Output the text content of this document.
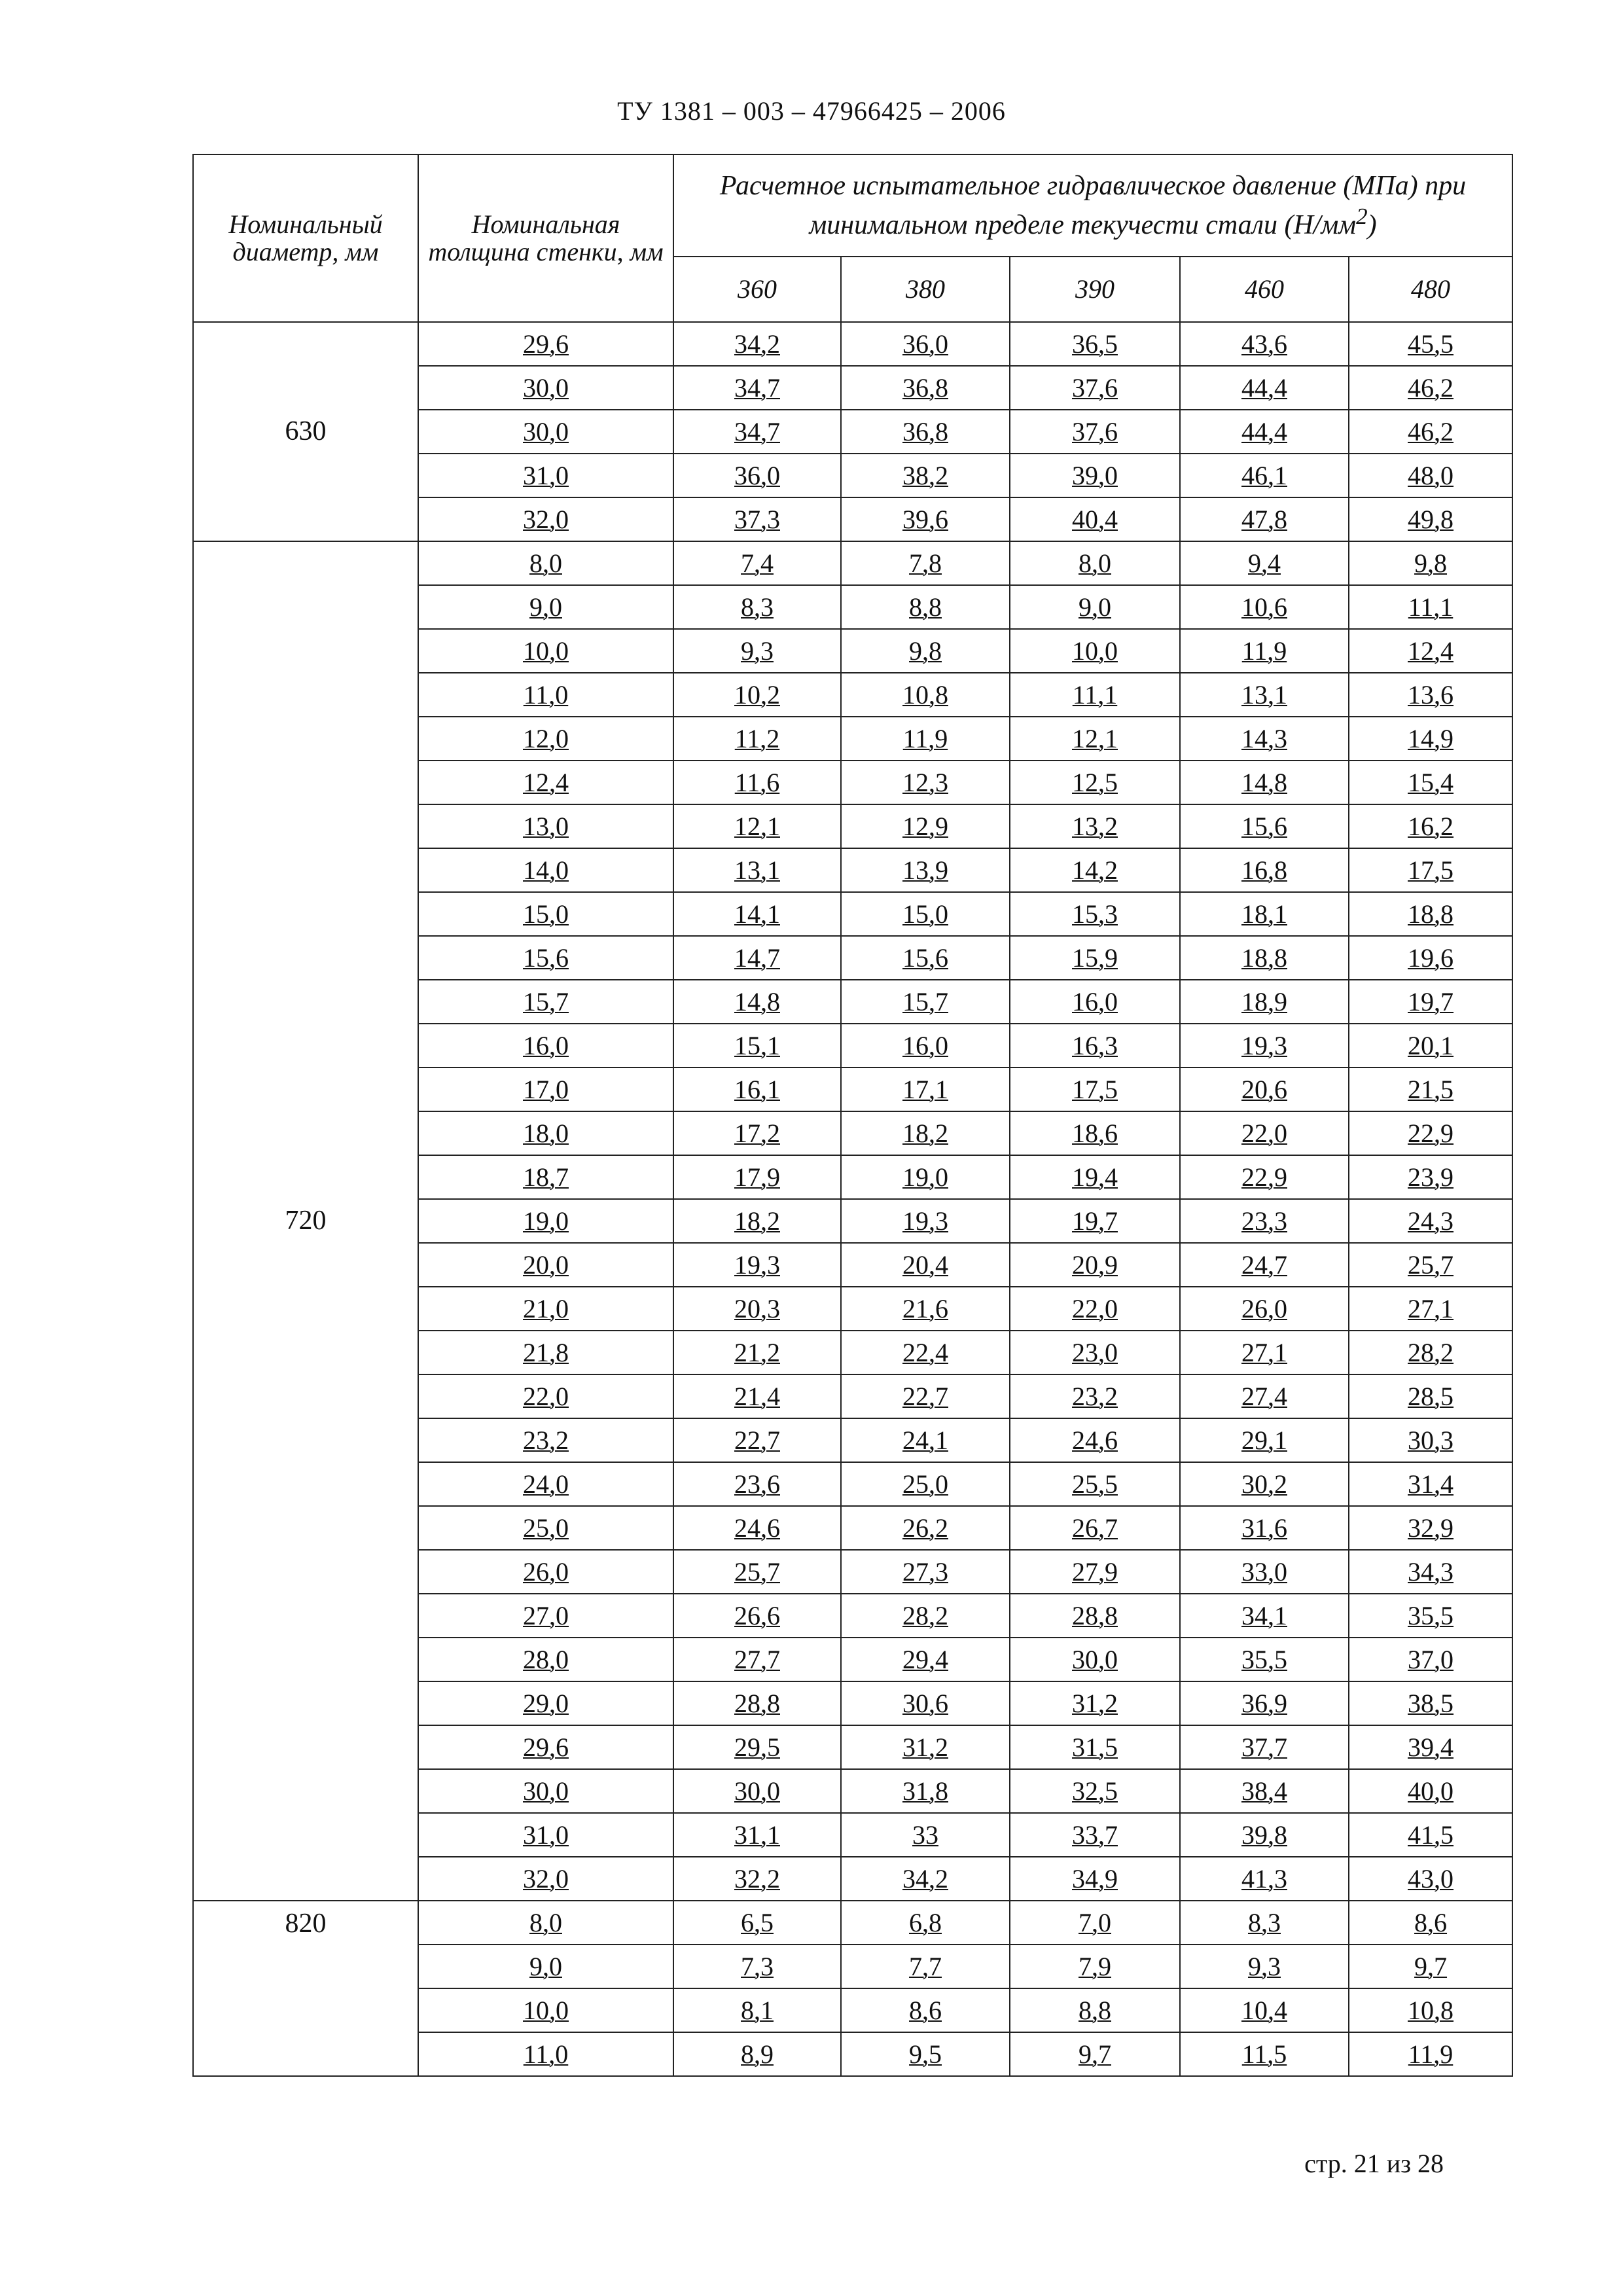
ТУ 1381 – 003 – 47966425 – 2006
Номинальный диаметр, мм	Номинальная толщина стенки, мм	Расчетное испытательное гидравлическое давление (МПа) при минимальном пределе текучести стали $(Н/мм^2)$				
		360	380	390	460	480
630	29,6	34,2	36,0	36,5	43,6	45,5
	30,0	34,7	36,8	37,6	44,4	46,2
	30,0	34,7	36,8	37,6	44,4	46,2
	31,0	36,0	38,2	39,0	46,1	48,0
	32,0	37,3	39,6	40,4	47,8	49,8
720	8,0	7,4	7,8	8,0	9,4	9,8
	9,0	8,3	8,8	9,0	10,6	11,1
	10,0	9,3	9,8	10,0	11,9	12,4
	11,0	10,2	10,8	11,1	13,1	13,6
	12,0	11,2	11,9	12,1	14,3	14,9
	12,4	11,6	12,3	12,5	14,8	15,4
	13,0	12,1	12,9	13,2	15,6	16,2
	14,0	13,1	13,9	14,2	16,8	17,5
	15,0	14,1	15,0	15,3	18,1	18,8
	15,6	14,7	15,6	15,9	18,8	19,6
	15,7	14,8	15,7	16,0	18,9	19,7
	16,0	15,1	16,0	16,3	19,3	20,1
	17,0	16,1	17,1	17,5	20,6	21,5
	18,0	17,2	18,2	18,6	22,0	22,9
	18,7	17,9	19,0	19,4	22,9	23,9
	19,0	18,2	19,3	19,7	23,3	24,3
	20,0	19,3	20,4	20,9	24,7	25,7
	21,0	20,3	21,6	22,0	26,0	27,1
	21,8	21,2	22,4	23,0	27,1	28,2
	22,0	21,4	22,7	23,2	27,4	28,5
	23,2	22,7	24,1	24,6	29,1	30,3
	24,0	23,6	25,0	25,5	30,2	31,4
	25,0	24,6	26,2	26,7	31,6	32,9
	26,0	25,7	27,3	27,9	33,0	34,3
	27,0	26,6	28,2	28,8	34,1	35,5
	28,0	27,7	29,4	30,0	35,5	37,0
	29,0	28,8	30,6	31,2	36,9	38,5
	29,6	29,5	31,2	31,5	37,7	39,4
	30,0	30,0	31,8	32,5	38,4	40,0
	31,0	31,1	33	33,7	39,8	41,5
	32,0	32,2	34,2	34,9	41,3	43,0
820	8,0	6,5	6,8	7,0	8,3	8,6
	9,0	7,3	7,7	7,9	9,3	9,7
	10,0	8,1	8,6	8,8	10,4	10,8
	11,0	8,9	9,5	9,7	11,5	11,9
стр. 21 из 28
